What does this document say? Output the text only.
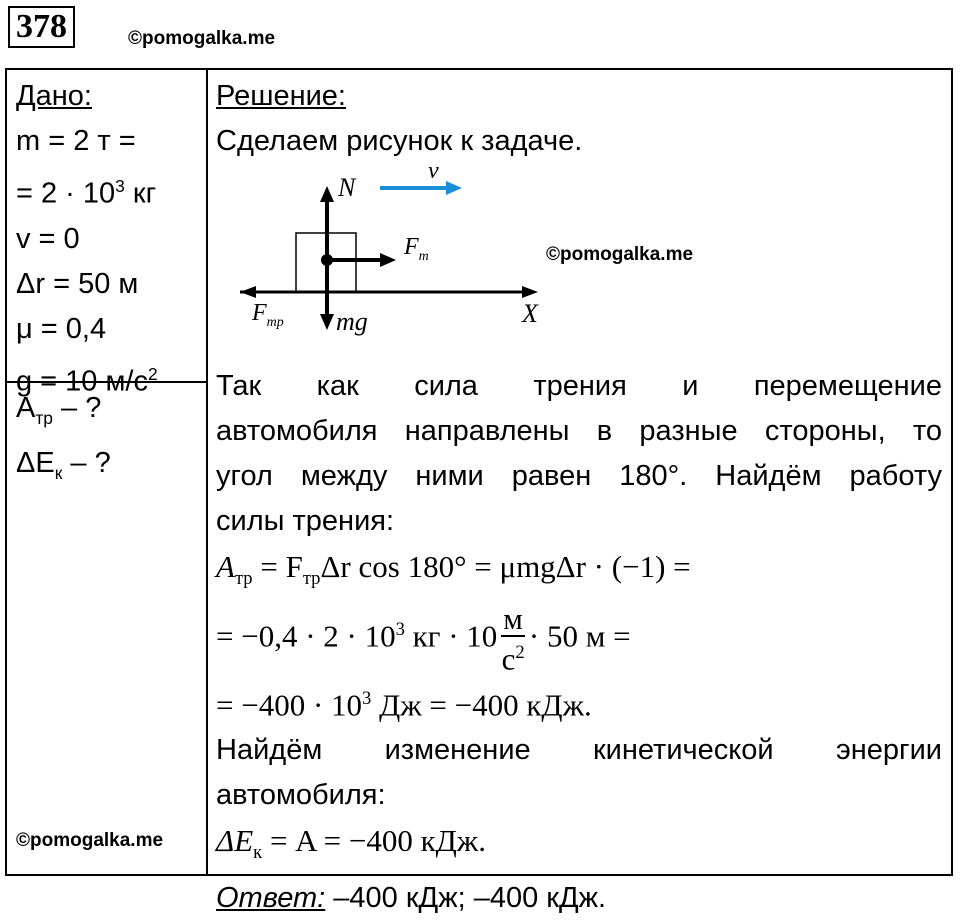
378	©pomogalka.me
Дано:
m = 2 т =
= $2 \cdot 10^3$ кг
v = 0
Δr = 50 м
μ = 0,4
g = 10 $м/с^2$
$A_{тр}$ – ?
$\Delta E_к$ – ?
©pomogalka.me
Решение:
Сделаем рисунок к задаче.
Так как сила трения и перемещение
автомобиля направлены в разные стороны, то
угол между ними равен 180°. Найдём работу
силы трения:
$A_{тр} = F_{тр}\Delta r$ cos 180° = μmgΔr · (−1) =
= $-0,4 \cdot 2 \cdot 10^3$ кг · $10 \frac{м}{с^2} \cdot 50$ м =
= $-400 \cdot 10^3$ Дж = −400 кДж.
Найдём изменение кинетической энергии
автомобиля:
$\Delta E_к = A = -400$ кДж.
Ответ: –400 кДж; –400 кДж.
N
v
$F_т$
$F_{тр}$ mg	X
©pomogalka.me
